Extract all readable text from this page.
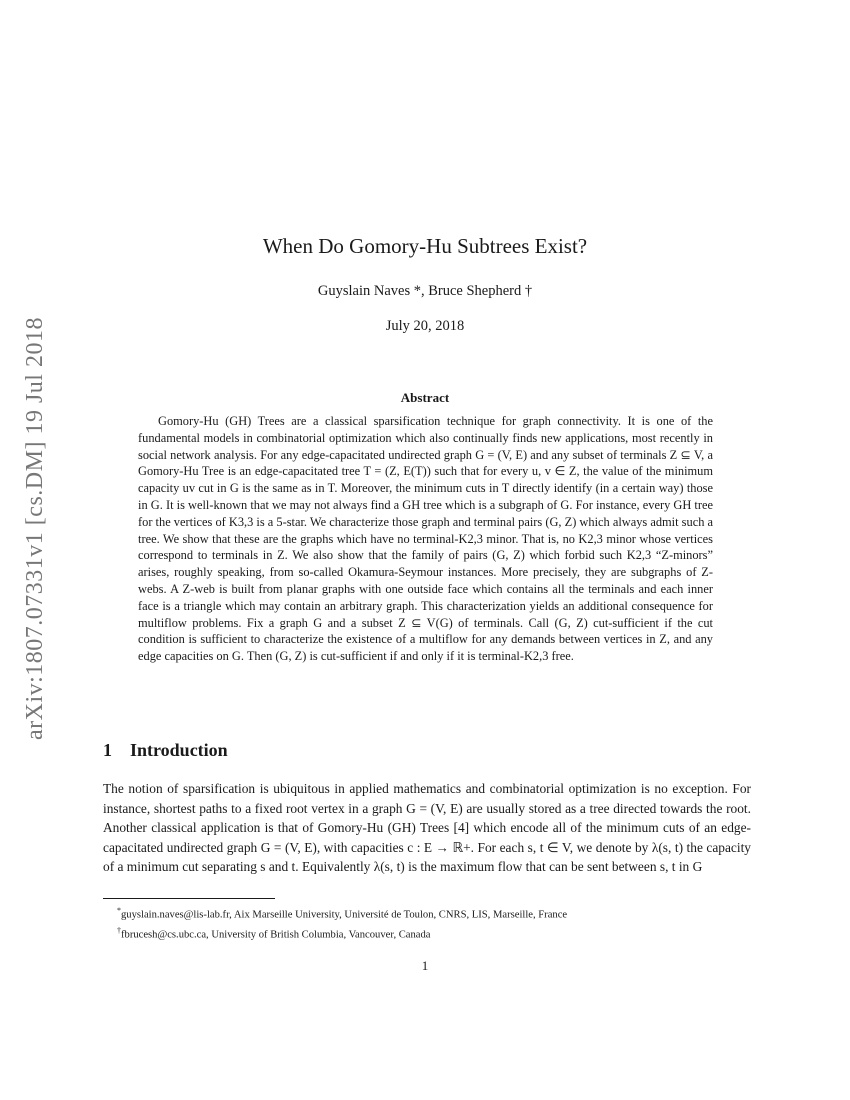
arXiv:1807.07331v1 [cs.DM] 19 Jul 2018
When Do Gomory-Hu Subtrees Exist?
Guyslain Naves *, Bruce Shepherd †
July 20, 2018
Abstract
Gomory-Hu (GH) Trees are a classical sparsification technique for graph connectivity. It is one of the fundamental models in combinatorial optimization which also continually finds new applications, most recently in social network analysis. For any edge-capacitated undirected graph G = (V, E) and any subset of terminals Z ⊆ V, a Gomory-Hu Tree is an edge-capacitated tree T = (Z, E(T)) such that for every u, v ∈ Z, the value of the minimum capacity uv cut in G is the same as in T. Moreover, the minimum cuts in T directly identify (in a certain way) those in G. It is well-known that we may not always find a GH tree which is a subgraph of G. For instance, every GH tree for the vertices of K3,3 is a 5-star. We characterize those graph and terminal pairs (G, Z) which always admit such a tree. We show that these are the graphs which have no terminal-K2,3 minor. That is, no K2,3 minor whose vertices correspond to terminals in Z. We also show that the family of pairs (G, Z) which forbid such K2,3 “Z-minors” arises, roughly speaking, from so-called Okamura-Seymour instances. More precisely, they are subgraphs of Z-webs. A Z-web is built from planar graphs with one outside face which contains all the terminals and each inner face is a triangle which may contain an arbitrary graph. This characterization yields an additional consequence for multiflow problems. Fix a graph G and a subset Z ⊆ V(G) of terminals. Call (G, Z) cut-sufficient if the cut condition is sufficient to characterize the existence of a multiflow for any demands between vertices in Z, and any edge capacities on G. Then (G, Z) is cut-sufficient if and only if it is terminal-K2,3 free.
1 Introduction
The notion of sparsification is ubiquitous in applied mathematics and combinatorial optimization is no exception. For instance, shortest paths to a fixed root vertex in a graph G = (V, E) are usually stored as a tree directed towards the root. Another classical application is that of Gomory-Hu (GH) Trees [4] which encode all of the minimum cuts of an edge-capacitated undirected graph G = (V, E), with capacities c : E → ℝ+. For each s, t ∈ V, we denote by λ(s, t) the capacity of a minimum cut separating s and t. Equivalently λ(s, t) is the maximum flow that can be sent between s, t in G
*guyslain.naves@lis-lab.fr, Aix Marseille University, Université de Toulon, CNRS, LIS, Marseille, France
†fbrucesh@cs.ubc.ca, University of British Columbia, Vancouver, Canada
1
